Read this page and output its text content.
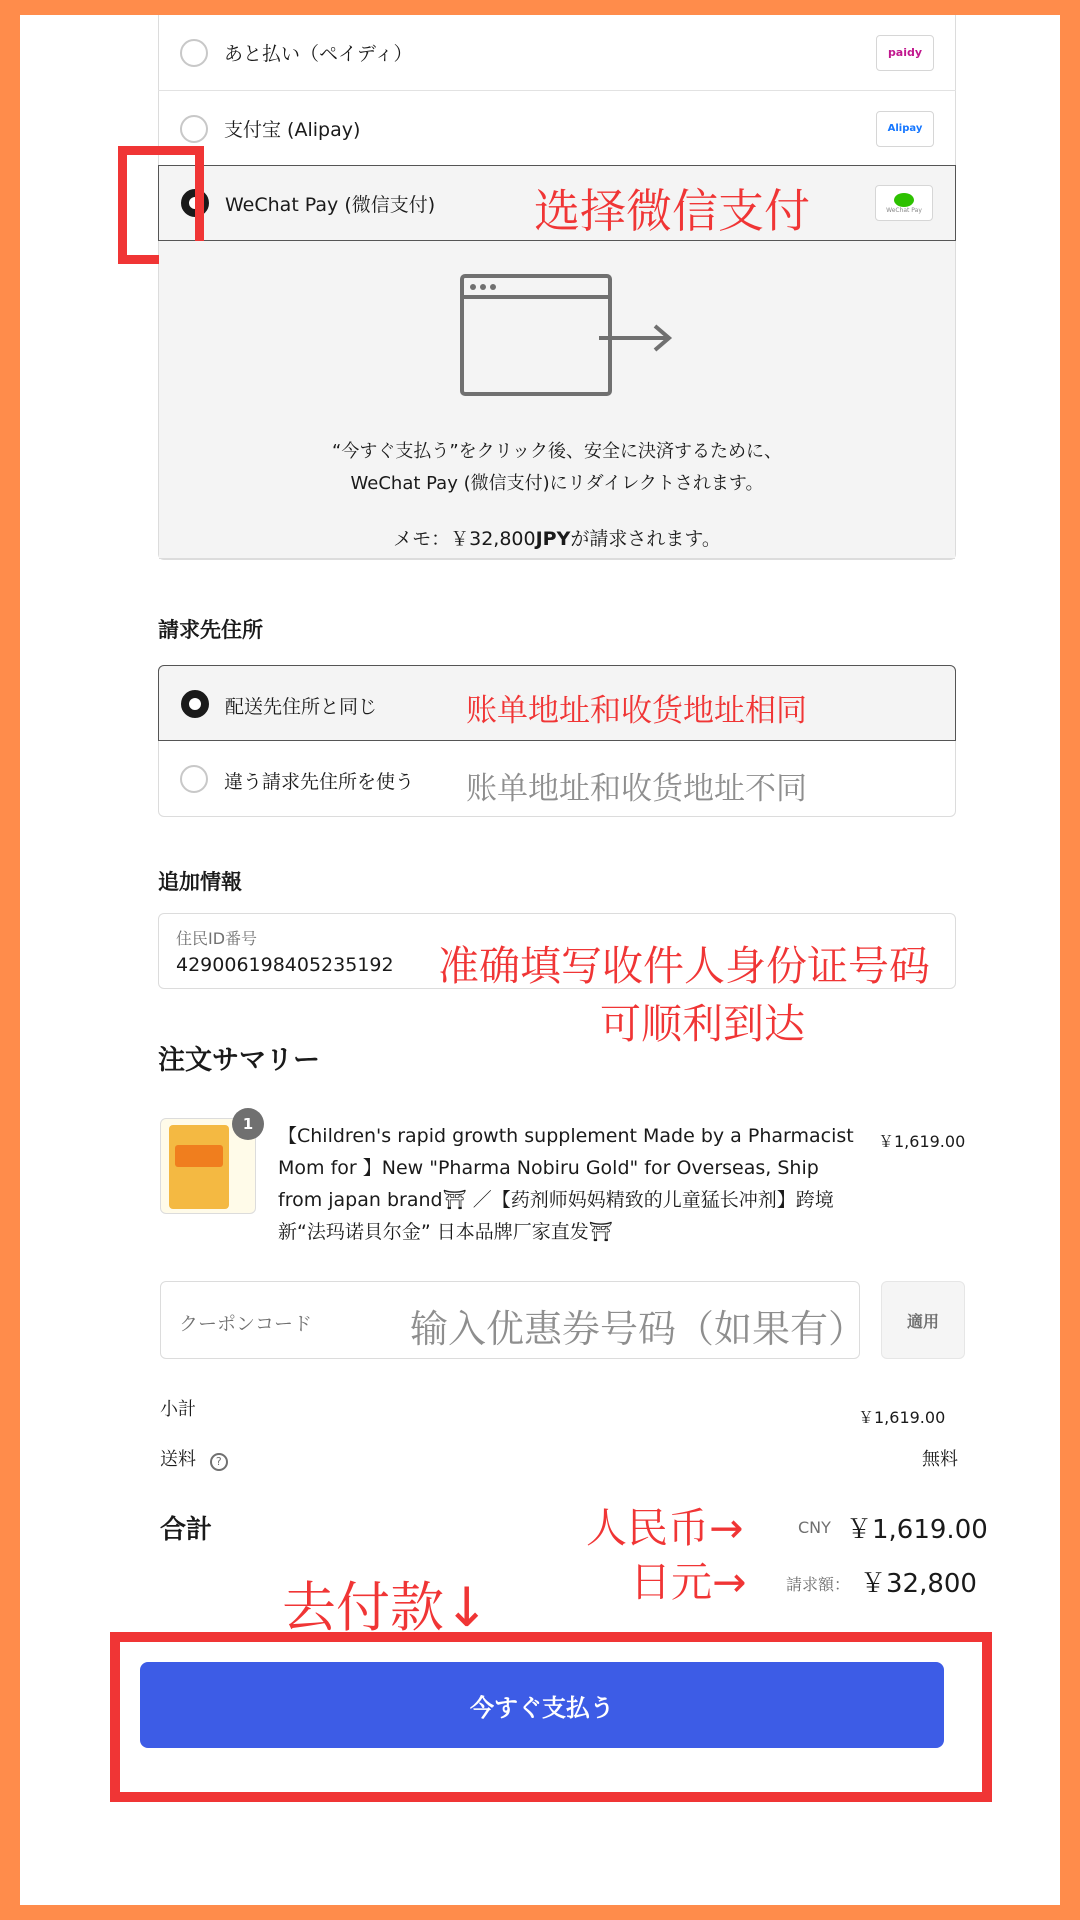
あと払い（ペイディ）	paidy
支付宝 (Alipay)	Alipay
WeChat Pay (微信支付)	WeChat Pay
选择微信支付
“今すぐ支払う”をクリック後、安全に決済するために、
WeChat Pay (微信支付)にリダイレクトされます。
メモ：￥32,800JPYが請求されます。
請求先住所
配送先住所と同じ	账单地址和收货地址相同
違う請求先住所を使う 账单地址和收货地址不同
追加情報
住民ID番号
429006198405235192 准确填写收件人身份证号码
可顺利到达
注文サマリー
1
【Children's rapid growth supplement Made by a Pharmacist
Mom for 】New "Pharma Nobiru Gold" for Overseas, Ship
from japan brand⛩ ／【药剂师妈妈精致的儿童猛长冲剂】跨境
新“法玛诺貝尔金” 日本品牌厂家直发⛩
￥1,619.00
クーポンコード	输入优惠券号码（如果有）	適用
小計	￥1,619.00
送料 ?	無料
合計	人民币→	CNY ￥1,619.00
日元→ 請求額： ￥32,800
去付款↓
今すぐ支払う
